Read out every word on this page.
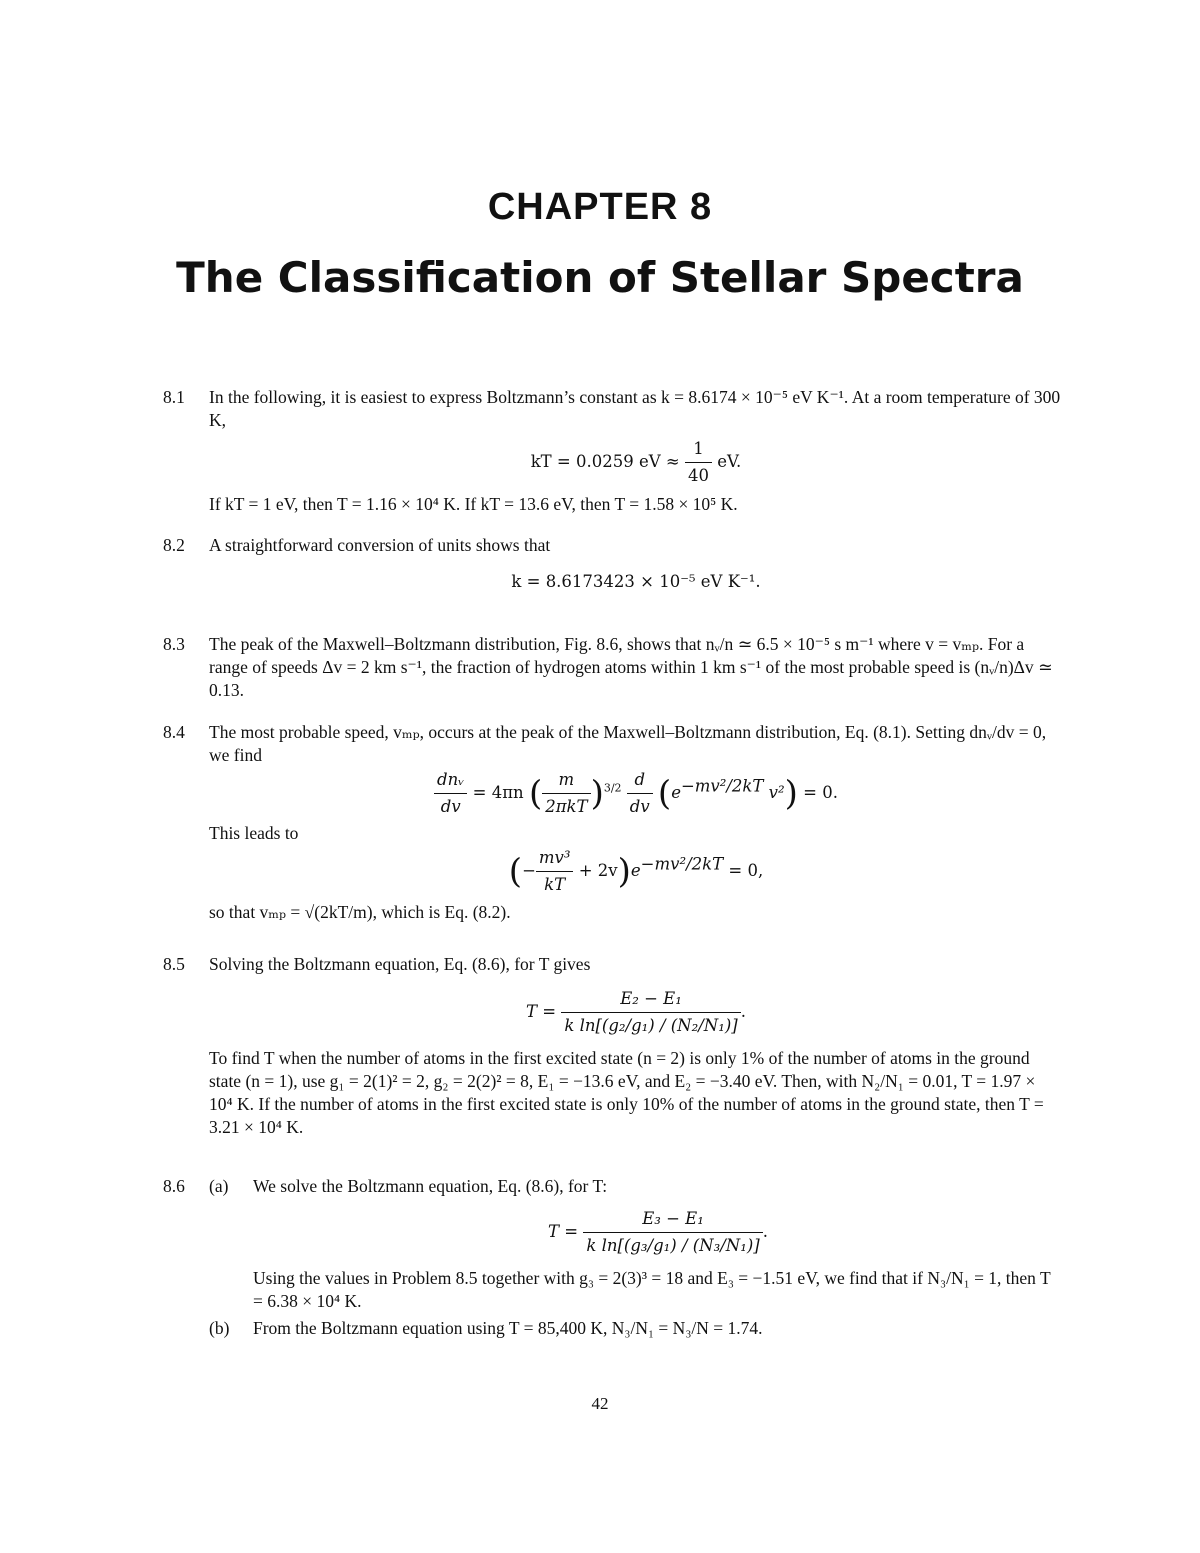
CHAPTER 8
The Classification of Stellar Spectra
8.1	In the following, it is easiest to express Boltzmann’s constant as k = 8.6174 × 10⁻⁵ eV K⁻¹. At a room temperature of 300 K,

kT = 0.0259 eV ≈ $\frac{1}{40}$ eV.

If kT = 1 eV, then T = 1.16 × 10⁴ K. If kT = 13.6 eV, then T = 1.58 × 10⁵ K.

8.2	A straightforward conversion of units shows that

k = 8.6173423 × 10⁻⁵ eV K⁻¹.
8.3	The peak of the Maxwell–Boltzmann distribution, Fig. 8.6, shows that nᵥ/n ≃ 6.5 × 10⁻⁵ s m⁻¹ where v = vₘₚ. For a range of speeds Δv = 2 km s⁻¹, the fraction of hydrogen atoms within 1 km s⁻¹ of the most probable speed is (nᵥ/n)Δv ≃ 0.13.

8.4	The most probable speed, vₘₚ, occurs at the peak of the Maxwell–Boltzmann distribution, Eq. (8.1). Setting dnᵥ/dv = 0, we find

$\frac{\text{dnᵥ}}{dv} = 4\pi n$ ( $\frac{m}{\text{2πkT}} )^{3/2} \frac{d}{dv} (e^{-mv^2/2kT}$ v²) = 0.

This leads to

(− $\frac{\text{mv³}}{kT} + 2v)e^{-mv^2/2kT} = 0$,

so that vₘₚ = √(2kT/m), which is Eq. (8.2).

8.5	Solving the Boltzmann equation, Eq. (8.6), for T gives

$T = \frac{\text{E₂ − E₁}}{\text{k ln[(g₂/g₁) / (N₂/N₁)]}}$ .

To find T when the number of atoms in the first excited state (n = 2) is only 1% of the number of atoms in the ground state (n = 1), use g₁ = 2(1)² = 2, g₂ = 2(2)² = 8, E₁ = −13.6 eV, and E₂ = −3.40 eV. Then, with N₂/N₁ = 0.01, T = 1.97 × 10⁴ K. If the number of atoms in the first excited state is only 10% of the number of atoms in the ground state, then T = 3.21 × 10⁴ K.

8.6	(a) We solve the Boltzmann equation, Eq. (8.6), for T:

$T = \frac{\text{E₃ − E₁}}{\text{k ln[(g₃/g₁) / (N₃/N₁)]}}$ .

Using the values in Problem 8.5 together with g₃ = 2(3)³ = 18 and E₃ = −1.51 eV, we find that if N₃/N₁ = 1, then T = 6.38 × 10⁴ K.

(b) From the Boltzmann equation using T = 85,400 K, N₃/N₁ = N₃/N = 1.74.

42
